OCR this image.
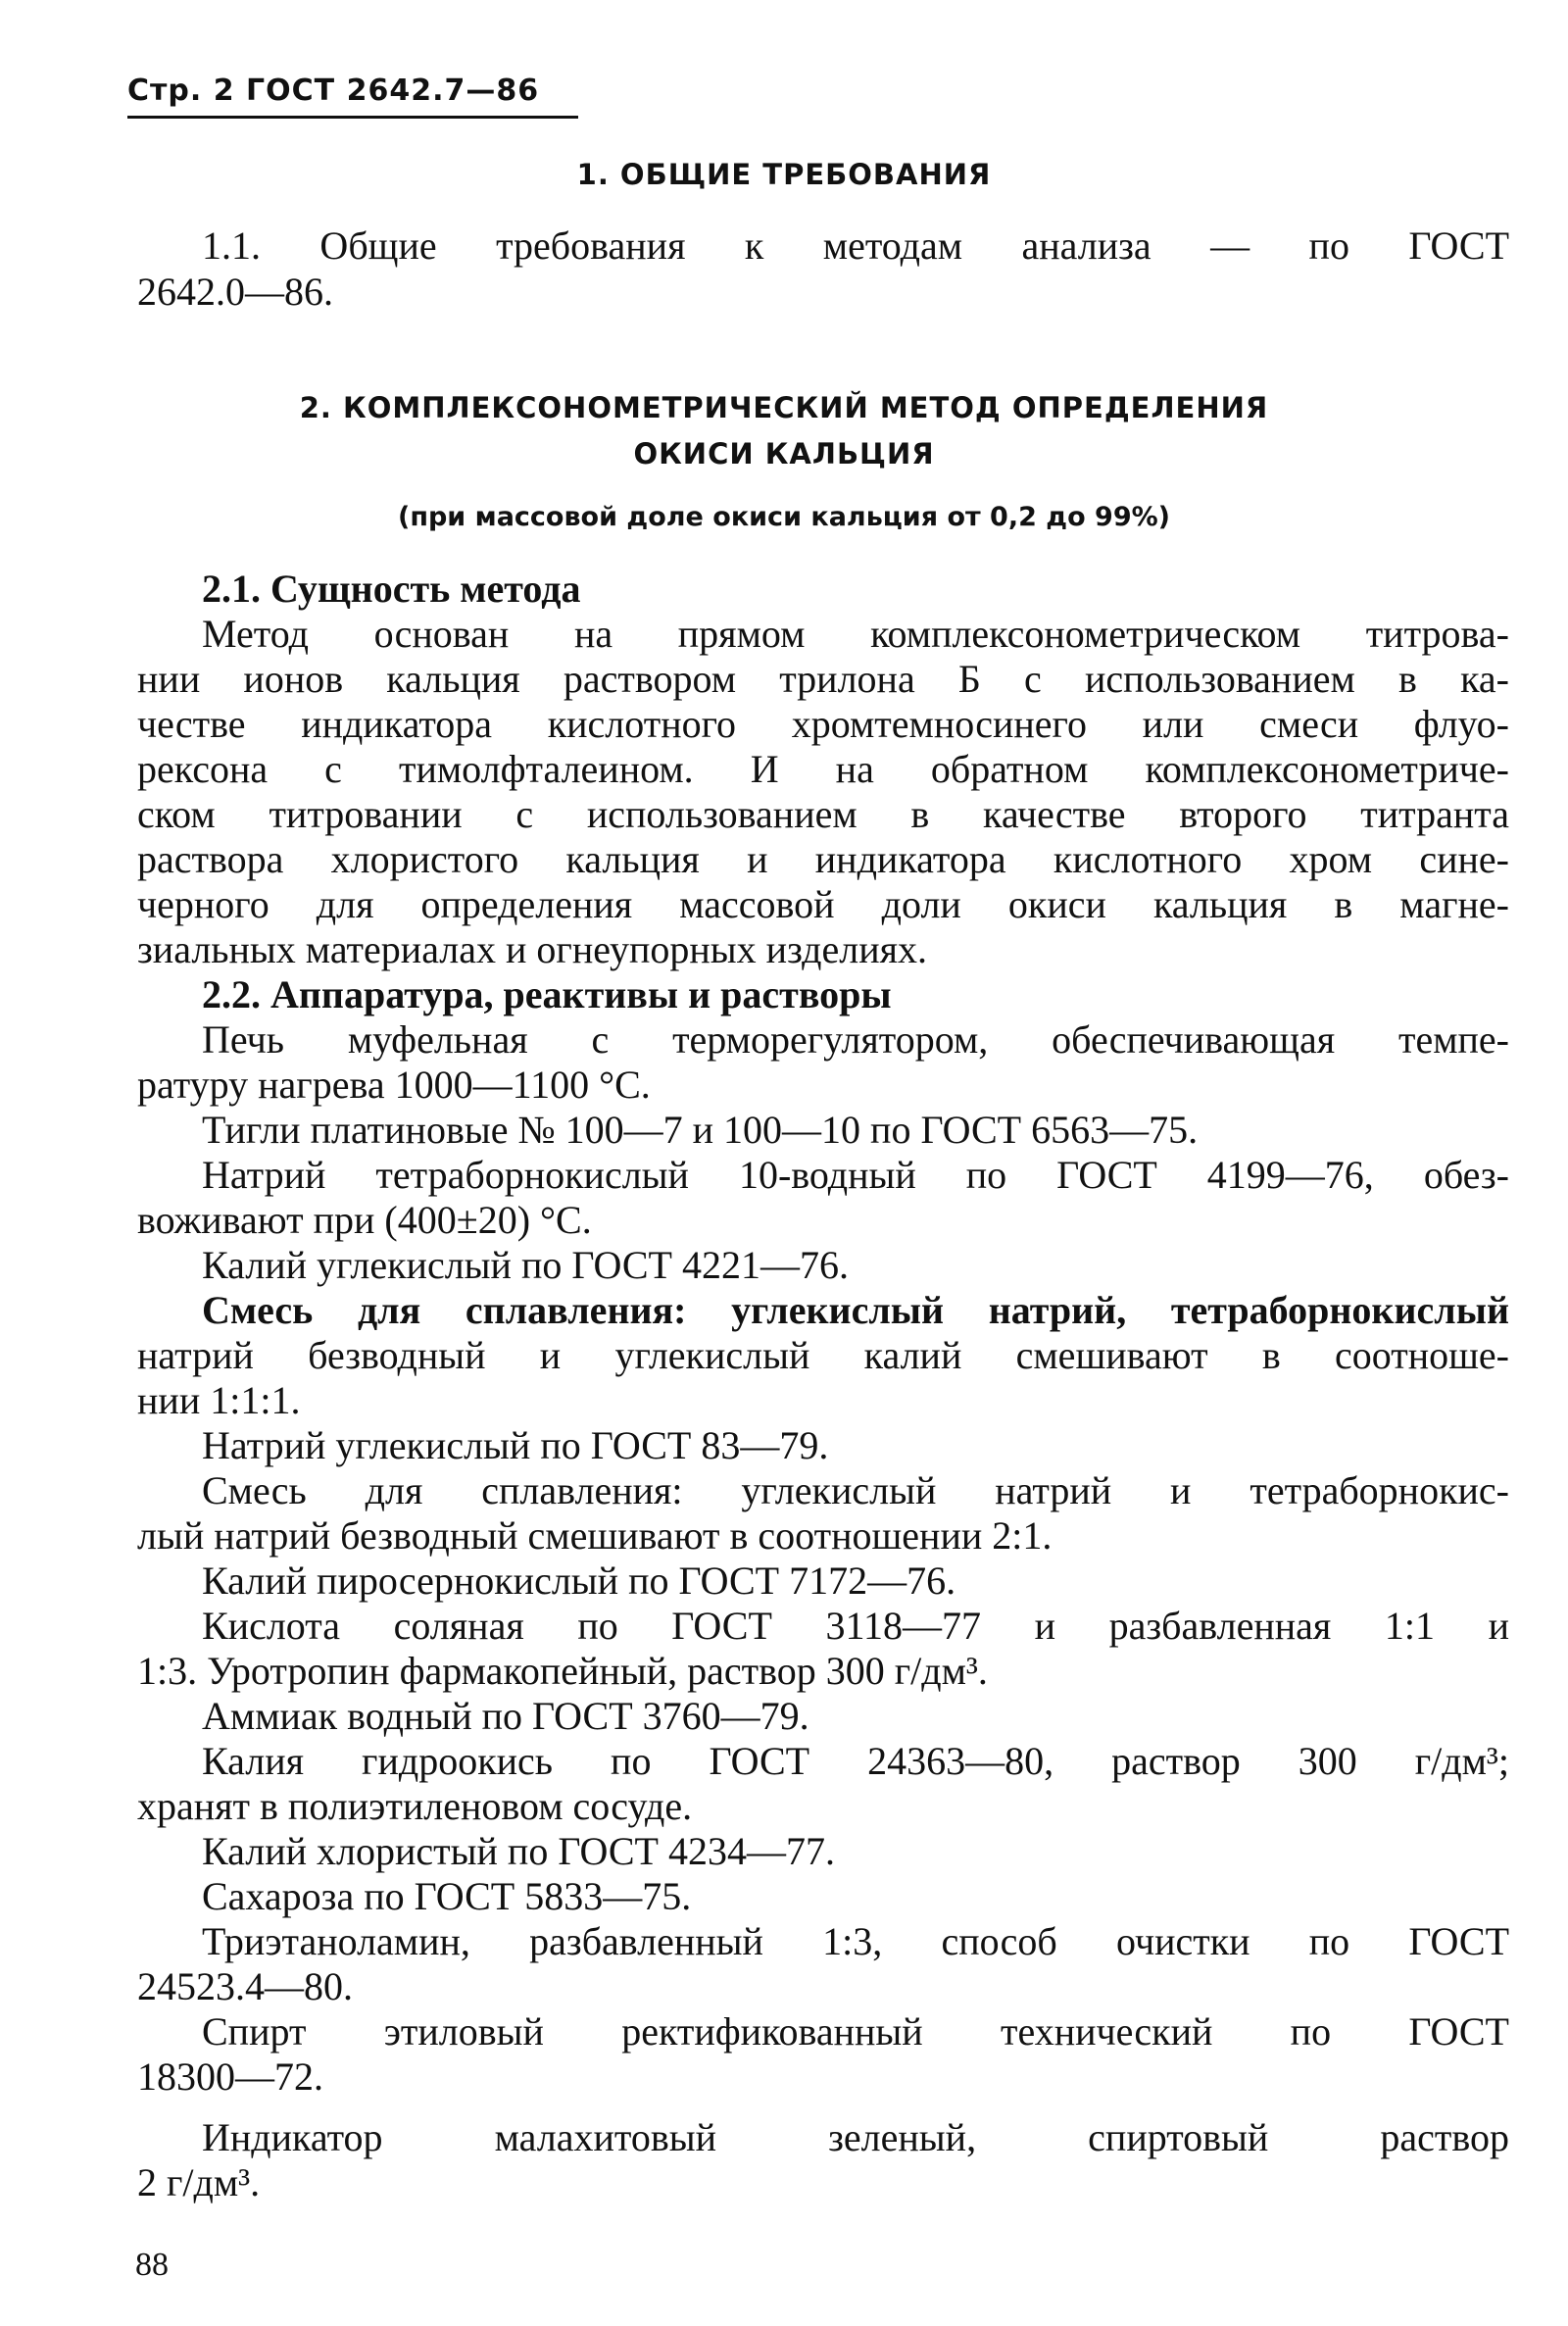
Стр. 2 ГОСТ 2642.7—86
1. ОБЩИЕ ТРЕБОВАНИЯ
1.1. Общие требования к методам анализа — по ГОСТ
2642.0—86.
2. КОМПЛЕКСОНОМЕТРИЧЕСКИЙ МЕТОД ОПРЕДЕЛЕНИЯ
ОКИСИ КАЛЬЦИЯ
(при массовой доле окиси кальция от 0,2 до 99%)
2.1. Сущность метода
Метод основан на прямом комплексонометрическом титрова-
нии ионов кальция раствором трилона Б с использованием в ка-
честве индикатора кислотного хромтемносинего или смеси флуо-
рексона с тимолфталеином. И на обратном комплексонометриче-
ском титровании с использованием в качестве второго титранта
раствора хлористого кальция и индикатора кислотного хром сине-
черного для определения массовой доли окиси кальция в магне-
зиальных материалах и огнеупорных изделиях.
2.2. Аппаратура, реактивы и растворы
Печь муфельная с терморегулятором, обеспечивающая темпе-
ратуру нагрева 1000—1100 °С.
Тигли платиновые № 100—7 и 100—10 по ГОСТ 6563—75.
Натрий тетраборнокислый 10-водный по ГОСТ 4199—76, обез-
воживают при (400±20) °С.
Калий углекислый по ГОСТ 4221—76.
Смесь для сплавления: углекислый натрий, тетраборнокислый
натрий безводный и углекислый калий смешивают в соотноше-
нии 1:1:1.
Натрий углекислый по ГОСТ 83—79.
Смесь для сплавления: углекислый натрий и тетраборнокис-
лый натрий безводный смешивают в соотношении 2:1.
Калий пиросернокислый по ГОСТ 7172—76.
Кислота соляная по ГОСТ 3118—77 и разбавленная 1:1 и
1:3. Уротропин фармакопейный, раствор 300 г/дм³.
Аммиак водный по ГОСТ 3760—79.
Калия гидроокись по ГОСТ 24363—80, раствор 300 г/дм³;
хранят в полиэтиленовом сосуде.
Калий хлористый по ГОСТ 4234—77.
Сахароза по ГОСТ 5833—75.
Триэтаноламин, разбавленный 1:3, способ очистки по ГОСТ
24523.4—80.
Спирт этиловый ректификованный технический по ГОСТ
18300—72.
Индикатор малахитовый зеленый, спиртовый раствор
2 г/дм³.
88
